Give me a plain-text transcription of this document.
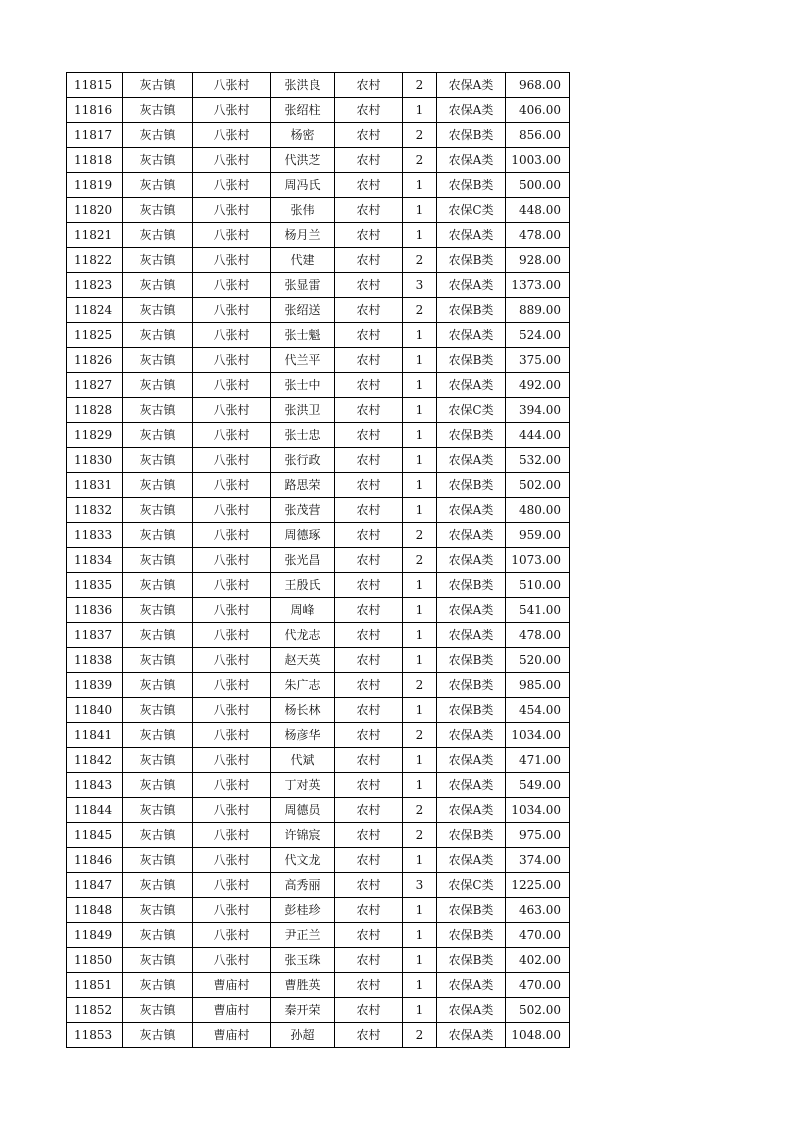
11815	灰古镇	八张村	张洪良	农村	2	农保A类	968.00
11816	灰古镇	八张村	张绍柱	农村	1	农保A类	406.00
11817	灰古镇	八张村	杨密	农村	2	农保B类	856.00
11818	灰古镇	八张村	代洪芝	农村	2	农保A类	1003.00
11819	灰古镇	八张村	周冯氏	农村	1	农保B类	500.00
11820	灰古镇	八张村	张伟	农村	1	农保C类	448.00
11821	灰古镇	八张村	杨月兰	农村	1	农保A类	478.00
11822	灰古镇	八张村	代建	农村	2	农保B类	928.00
11823	灰古镇	八张村	张显雷	农村	3	农保A类	1373.00
11824	灰古镇	八张村	张绍送	农村	2	农保B类	889.00
11825	灰古镇	八张村	张士魁	农村	1	农保A类	524.00
11826	灰古镇	八张村	代兰平	农村	1	农保B类	375.00
11827	灰古镇	八张村	张士中	农村	1	农保A类	492.00
11828	灰古镇	八张村	张洪卫	农村	1	农保C类	394.00
11829	灰古镇	八张村	张士忠	农村	1	农保B类	444.00
11830	灰古镇	八张村	张行政	农村	1	农保A类	532.00
11831	灰古镇	八张村	路思荣	农村	1	农保B类	502.00
11832	灰古镇	八张村	张茂营	农村	1	农保A类	480.00
11833	灰古镇	八张村	周德琢	农村	2	农保A类	959.00
11834	灰古镇	八张村	张光昌	农村	2	农保A类	1073.00
11835	灰古镇	八张村	王殷氏	农村	1	农保B类	510.00
11836	灰古镇	八张村	周峰	农村	1	农保A类	541.00
11837	灰古镇	八张村	代龙志	农村	1	农保A类	478.00
11838	灰古镇	八张村	赵天英	农村	1	农保B类	520.00
11839	灰古镇	八张村	朱广志	农村	2	农保B类	985.00
11840	灰古镇	八张村	杨长林	农村	1	农保B类	454.00
11841	灰古镇	八张村	杨彦华	农村	2	农保A类	1034.00
11842	灰古镇	八张村	代斌	农村	1	农保A类	471.00
11843	灰古镇	八张村	丁对英	农村	1	农保A类	549.00
11844	灰古镇	八张村	周德员	农村	2	农保A类	1034.00
11845	灰古镇	八张村	许锦宸	农村	2	农保B类	975.00
11846	灰古镇	八张村	代文龙	农村	1	农保A类	374.00
11847	灰古镇	八张村	高秀丽	农村	3	农保C类	1225.00
11848	灰古镇	八张村	彭桂珍	农村	1	农保B类	463.00
11849	灰古镇	八张村	尹正兰	农村	1	农保B类	470.00
11850	灰古镇	八张村	张玉珠	农村	1	农保B类	402.00
11851	灰古镇	曹庙村	曹胜英	农村	1	农保A类	470.00
11852	灰古镇	曹庙村	秦开荣	农村	1	农保A类	502.00
11853	灰古镇	曹庙村	孙超	农村	2	农保A类	1048.00
